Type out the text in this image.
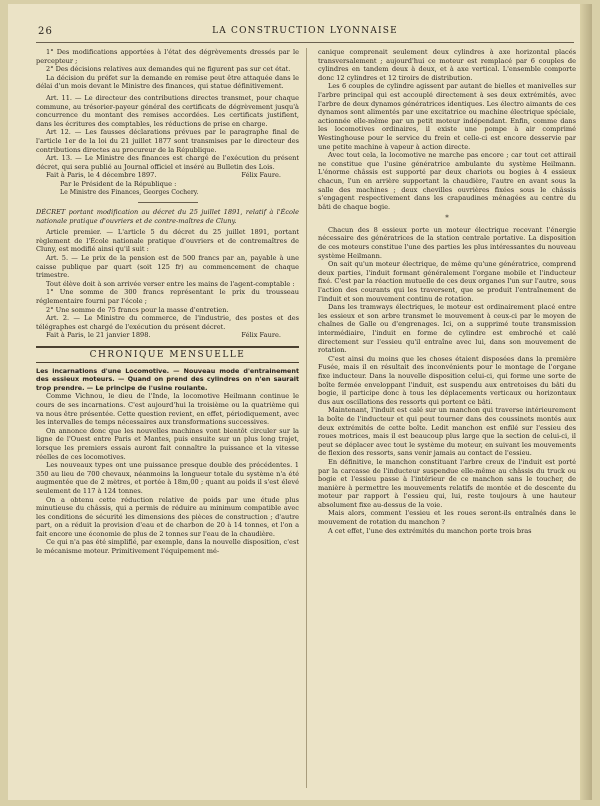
26	LA CONSTRUCTION LYONNAISE

1° Des modifications apportées à l'état des dégrèvements dressés par le percepteur ;

2° Des décisions relatives aux demandes qui ne figurent pas sur cet état.

La décision du préfet sur la demande en remise peut être attaquée dans le délai d'un mois devant le Ministre des finances, qui statue définitivement.

Art. 11. — Le directeur des contributions directes transmet, pour chaque commune, au trésorier-payeur général des certificats de dégrèvement jusqu'à concurrence du montant des remises accordées. Les certificats justifient, dans les écritures des comptables, les réductions de prise en charge.

Art 12. — Les fausses déclarations prévues par le paragraphe final de l'article 1er de la loi du 21 juillet 1877 sont transmises par le directeur des contributions directes au procureur de la République.

Art. 13. — Le Ministre des finances est chargé de l'exécution du présent décret, qui sera publié au Journal officiel et inséré au Bulletin des Lois.

Fait à Paris, le 4 décembre 1897.	Félix Faure.

Par le Président de la République :

Le Ministre des Finances, Georges Cochery.

DÉCRET portant modification au décret du 25 juillet 1891, relatif à l'École nationale pratique d'ouvriers et de contre-maîtres de Cluny.

Article premier. — L'article 5 du décret du 25 juillet 1891, portant règlement de l'École nationale pratique d'ouvriers et de contremaîtres de Cluny, est modifié ainsi qu'il suit :

Art. 5. — Le prix de la pension est de 500 francs par an, payable à une caisse publique par quart (soit 125 fr) au commencement de chaque trimestre.

Tout élève doit à son arrivée verser entre les mains de l'agent-comptable :

1° Une somme de 300 francs représentant le prix du trousseau réglementaire fourni par l'école ;

2° Une somme de 75 francs pour la masse d'entretien.

Art. 2. — Le Ministre du commerce, de l'industrie, des postes et des télégraphes est chargé de l'exécution du présent décret.

Fait à Paris, le 21 janvier 1898.	Félix Faure.
CHRONIQUE MENSUELLE

Les incarnations d'une Locomotive. — Nouveau mode d'entrainement des essieux moteurs. — Quand on prend des cylindres on n'en saurait trop prendre. — Le principe de l'usine roulante.

Comme Vichnou, le dieu de l'Inde, la locomotive Heilmann continue le cours de ses incarnations. C'est aujourd'hui la troisième ou la quatrième qui va nous être présentée. Cette question revient, en effet, périodiquement, avec les intervalles de temps nécessaires aux transformations successives.

On annonce donc que les nouvelles machines vont bientôt circuler sur la ligne de l'Ouest entre Paris et Mantes, puis ensuite sur un plus long trajet, lorsque les premiers essais auront fait connaître la puissance et la vitesse réelles de ces locomotives.

Les nouveaux types ont une puissance presque double des précédentes. 1 350 au lieu de 700 chevaux, néanmoins la longueur totale du système n'a été augmentée que de 2 mètres, et portée à 18m,00 ; quant au poids il s'est élevé seulement de 117 à 124 tonnes.

On a obtenu cette réduction relative de poids par une étude plus minutieuse du châssis, qui a permis de réduire au minimum compatible avec les conditions de sécurité les dimensions des pièces de construction ; d'autre part, on a réduit la provision d'eau et de charbon de 20 à 14 tonnes, et l'on a fait encore une économie de plus de 2 tonnes sur l'eau de la chaudière.

Ce qui n'a pas été simplifié, par exemple, dans la nouvelle disposition, c'est le mécanisme moteur. Primitivement l'équipement mé-

canique comprenait seulement deux cylindres à axe horizontal placés transversalement ; aujourd'hui ce moteur est remplacé par 6 couples de cylindres en tandem deux à deux, et à axe vertical. L'ensemble comporte donc 12 cylindres et 12 tiroirs de distribution.

Les 6 couples de cylindre agissent par autant de bielles et manivelles sur l'arbre principal qui est accouplé directement à ses deux extrémités, avec l'arbre de deux dynamos génératrices identiques. Les électro aimants de ces dynamos sont alimentés par une excitatrice ou machine électrique spéciale, actionnée elle-même par un petit moteur indépendant. Enfin, comme dans les locomotives ordinaires, il existe une pompe à air comprimé Westinghouse pour le service du frein et celle-ci est encore desservie par une petite machine à vapeur à action directe.

Avec tout cela, la locomotive ne marche pas encore ; car tout cet attirail ne constitue que l'usine génératrice ambulante du système Heilmann. L'énorme châssis est supporté par deux chariots ou bogies à 4 essieux chacun, l'un en arrière supportant la chaudière, l'autre en avant sous la salle des machines ; deux chevilles ouvrières fixées sous le châssis s'engagent respectivement dans les crapaudines ménagées au centre du bâti de chaque bogie.

*

Chacun des 8 essieux porte un moteur électrique recevant l'énergie nécessaire des génératrices de la station centrale portative. La disposition de ces moteurs constitue l'une des parties les plus intéressantes du nouveau système Heilmann.

On sait qu'un moteur électrique, de même qu'une génératrice, comprend deux parties, l'induit formant généralement l'organe mobile et l'inducteur fixé. C'est par la réaction mutuelle de ces deux organes l'un sur l'autre, sous l'action des courants qui les traversent, que se produit l'entraînement de l'induit et son mouvement continu de rotation.

Dans les tramways électriques, le moteur est ordinairement placé entre les essieux et son arbre transmet le mouvement à ceux-ci par le moyen de chaînes de Galle ou d'engrenages. Ici, on a supprimé toute transmission intermédiaire, l'induit en forme de cylindre est embroché et calé directement sur l'essieu qu'il entraîne avec lui, dans son mouvement de rotation.

C'est ainsi du moins que les choses étaient disposées dans la première Fusée, mais il en résultait des inconvénients pour le montage de l'organe fixe inducteur. Dans la nouvelle disposition celui-ci, qui forme une sorte de boîte fermée enveloppant l'induit, est suspendu aux entretoises du bâti du bogie, il participe donc à tous les déplacements verticaux ou horizontaux dus aux oscillations des ressorts qui portent ce bâti.

Maintenant, l'induit est calé sur un manchon qui traverse intérieurement la boîte de l'inducteur et qui peut tourner dans des coussinets montés aux deux extrémités de cette boîte. Ledit manchon est enfilé sur l'essieu des roues motrices, mais il est beaucoup plus large que la section de celui-ci, il peut se déplacer avec tout le système du moteur, en suivant les mouvements de flexion des ressorts, sans venir jamais au contact de l'essieu.

En définitive, le manchon constituant l'arbre creux de l'induit est porté par la carcasse de l'inducteur suspendue elle-même au châssis du truck ou bogie et l'essieu passe à l'intérieur de ce manchon sans le toucher, de manière à permettre les mouvements relatifs de montée et de descente du moteur par rapport à l'essieu qui, lui, reste toujours à une hauteur absolument fixe au-dessus de la voie.

Mais alors, comment l'essieu et les roues seront-ils entraînés dans le mouvement de rotation du manchon ?

A cet effet, l'une des extrémités du manchon porte trois bras
